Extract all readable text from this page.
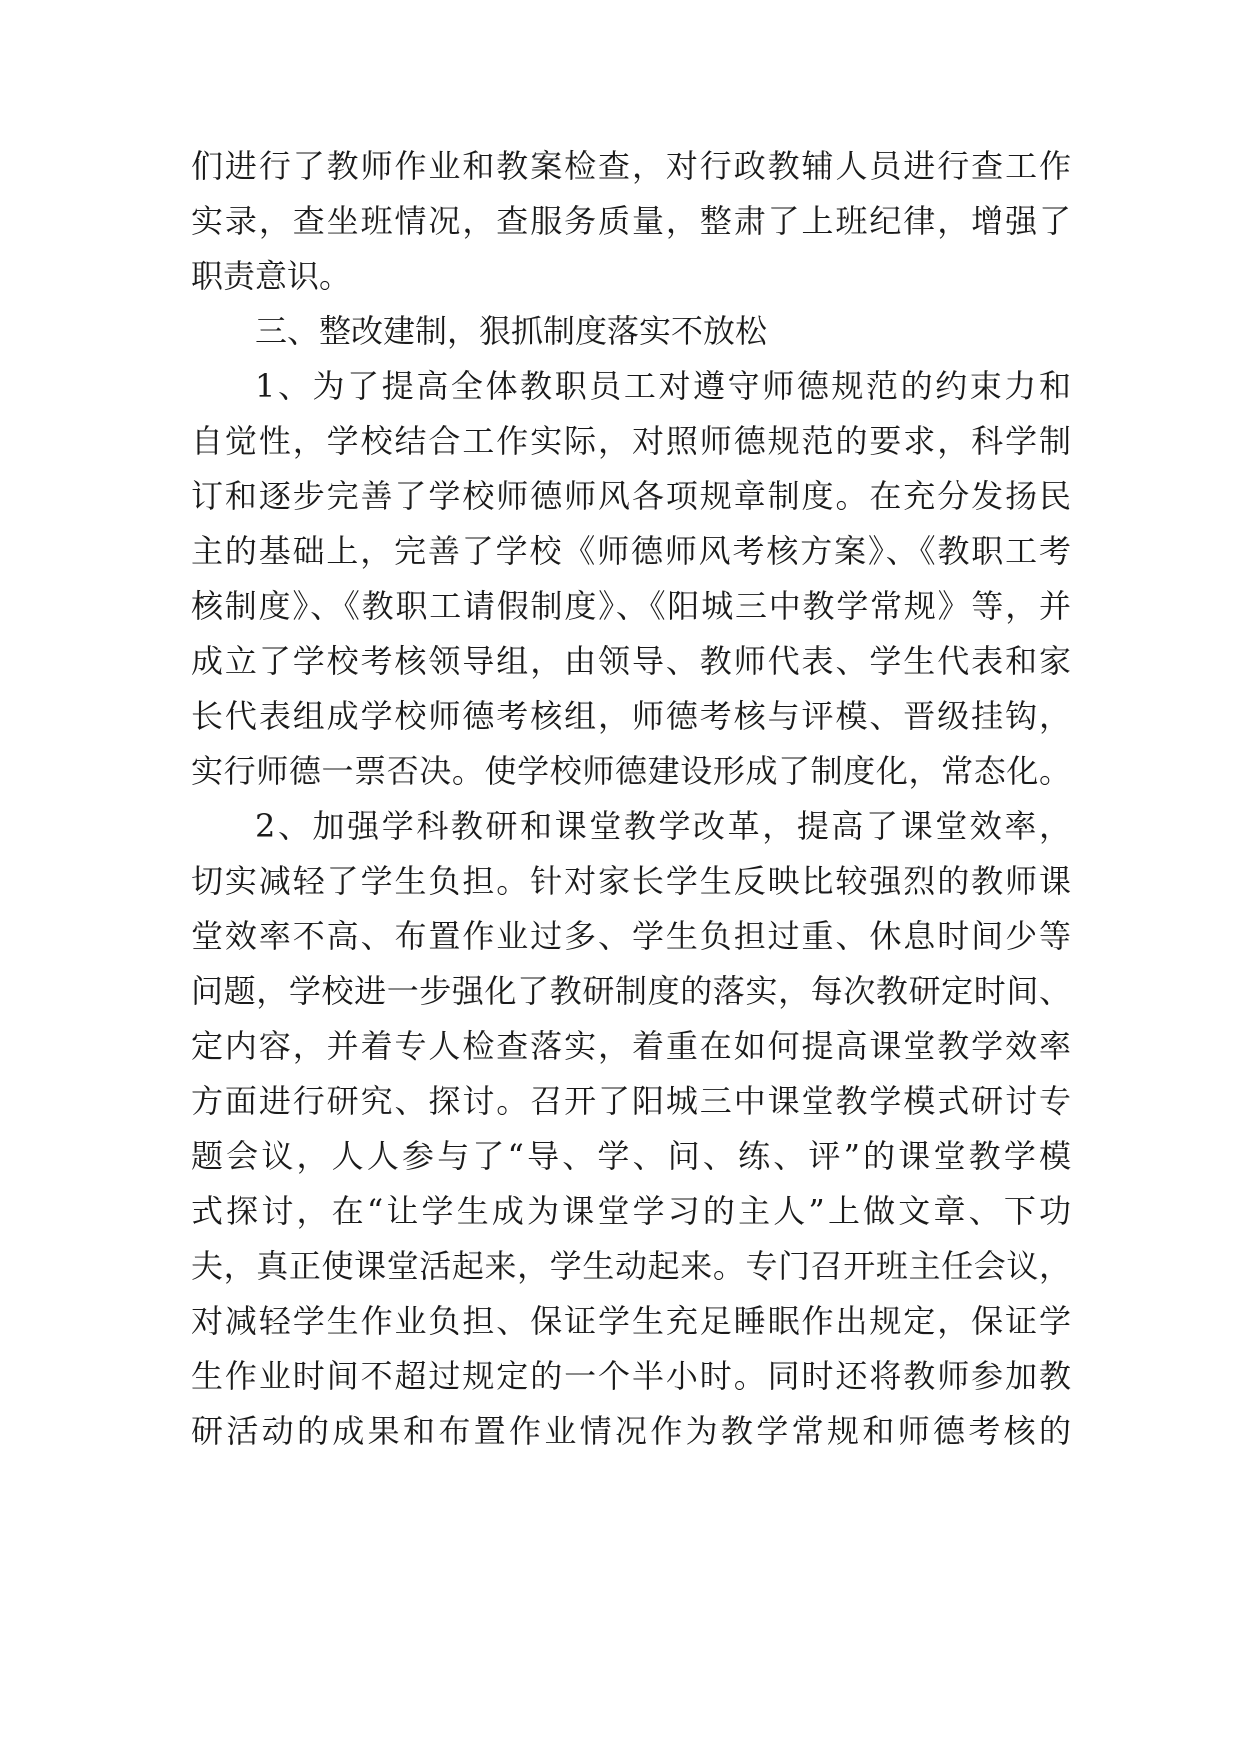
们进行了教师作业和教案检查，对行政教辅人员进行查工作
实录，查坐班情况，查服务质量，整肃了上班纪律，增强了
职责意识。
三、整改建制，狠抓制度落实不放松
1、为了提高全体教职员工对遵守师德规范的约束力和
自觉性，学校结合工作实际，对照师德规范的要求，科学制
订和逐步完善了学校师德师风各项规章制度。在充分发扬民
主的基础上，完善了学校《师德师风考核方案》、《教职工考
核制度》、《教职工请假制度》、《阳城三中教学常规》等，并
成立了学校考核领导组，由领导、教师代表、学生代表和家
长代表组成学校师德考核组，师德考核与评模、晋级挂钩，
实行师德一票否决。使学校师德建设形成了制度化，常态化。
2、加强学科教研和课堂教学改革，提高了课堂效率，
切实减轻了学生负担。针对家长学生反映比较强烈的教师课
堂效率不高、布置作业过多、学生负担过重、休息时间少等
问题，学校进一步强化了教研制度的落实，每次教研定时间、
定内容，并着专人检查落实，着重在如何提高课堂教学效率
方面进行研究、探讨。召开了阳城三中课堂教学模式研讨专
题会议，人人参与了“导、学、问、练、评”的课堂教学模
式探讨，在“让学生成为课堂学习的主人”上做文章、下功
夫，真正使课堂活起来，学生动起来。专门召开班主任会议，
对减轻学生作业负担、保证学生充足睡眠作出规定，保证学
生作业时间不超过规定的一个半小时。同时还将教师参加教
研活动的成果和布置作业情况作为教学常规和师德考核的
